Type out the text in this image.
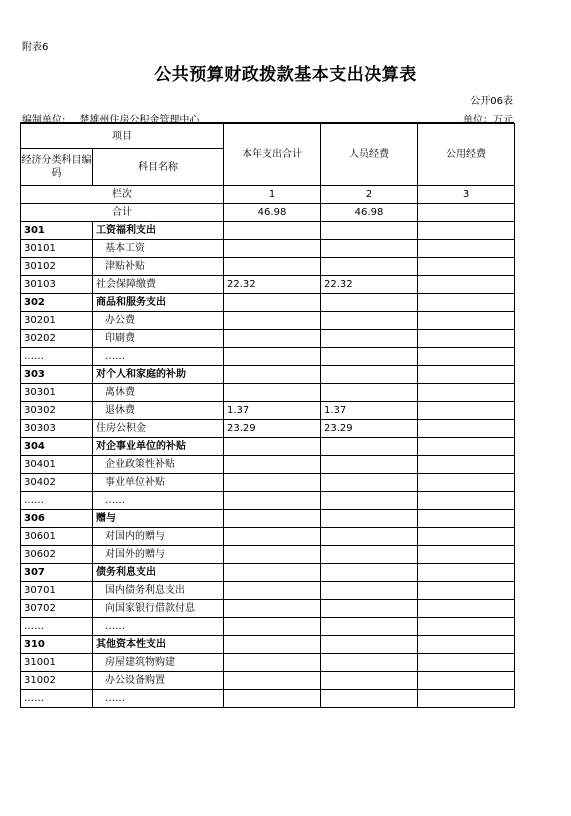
附表6
公共预算财政拨款基本支出决算表
公开06表
编制单位: 楚雄州住房公积金管理中心	单位：万元
项目		本年支出合计	人员经费	公用经费
经济分类科目编码	科目名称			
栏次		1	2	3
合计		46.98	46.98	
301	工资福利支出			
30101	基本工资			
30102	津贴补贴			
30103	社会保障缴费	22.32	22.32	
302	商品和服务支出			
30201	办公费			
30202	印刷费			
……	……			
303	对个人和家庭的补助			
30301	离休费			
30302	退休费	1.37	1.37	
30303	住房公积金	23.29	23.29	
304	对企事业单位的补贴			
30401	企业政策性补贴			
30402	事业单位补贴			
……	……			
306	赠与			
30601	对国内的赠与			
30602	对国外的赠与			
307	债务利息支出			
30701	国内债务利息支出			
30702	向国家银行借款付息			
……	……			
310	其他资本性支出			
31001	房屋建筑物购建			
31002	办公设备购置			
……	……			
